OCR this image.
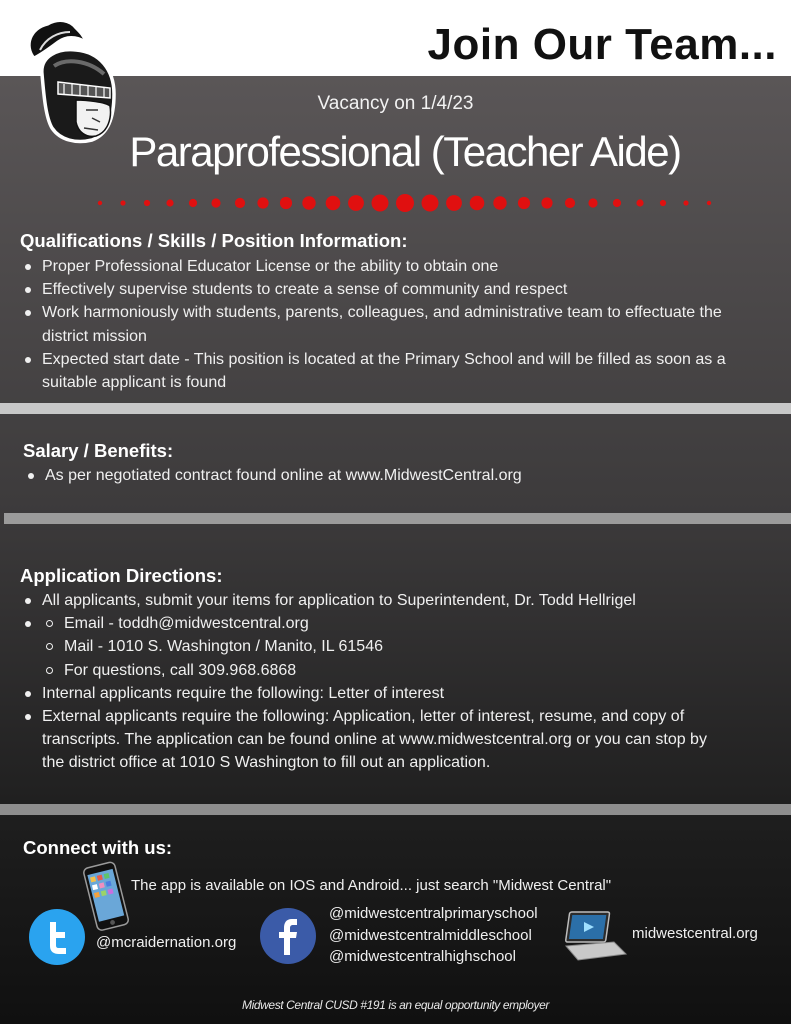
Join Our Team...
Vacancy on 1/4/23
Paraprofessional (Teacher Aide)
Qualifications / Skills / Position Information:
Proper Professional Educator License or the ability to obtain one
Effectively supervise students to create a sense of community and respect
Work harmoniously with students, parents, colleagues, and administrative team to effectuate the district mission
Expected start date - This position is located at the Primary School and will be filled as soon as a suitable applicant is found
Salary / Benefits:
As per negotiated contract found online at www.MidwestCentral.org
Application Directions:
All applicants, submit your items for application to Superintendent, Dr. Todd Hellrigel
Email - toddh@midwestcentral.org
Mail - 1010 S. Washington / Manito, IL 61546
For questions, call 309.968.6868
Internal applicants require the following: Letter of interest
External applicants require the following: Application, letter of interest, resume, and copy of transcripts. The application can be found online at www.midwestcentral.org or you can stop by the district office at 1010 S Washington to fill out an application.
Connect with us:
The app is available on IOS and Android... just search "Midwest Central"
@mcraidernation.org
@midwestcentralprimaryschool
@midwestcentralmiddleschool
@midwestcentralhighschool
midwestcentral.org
Midwest Central CUSD #191 is an equal opportunity employer
